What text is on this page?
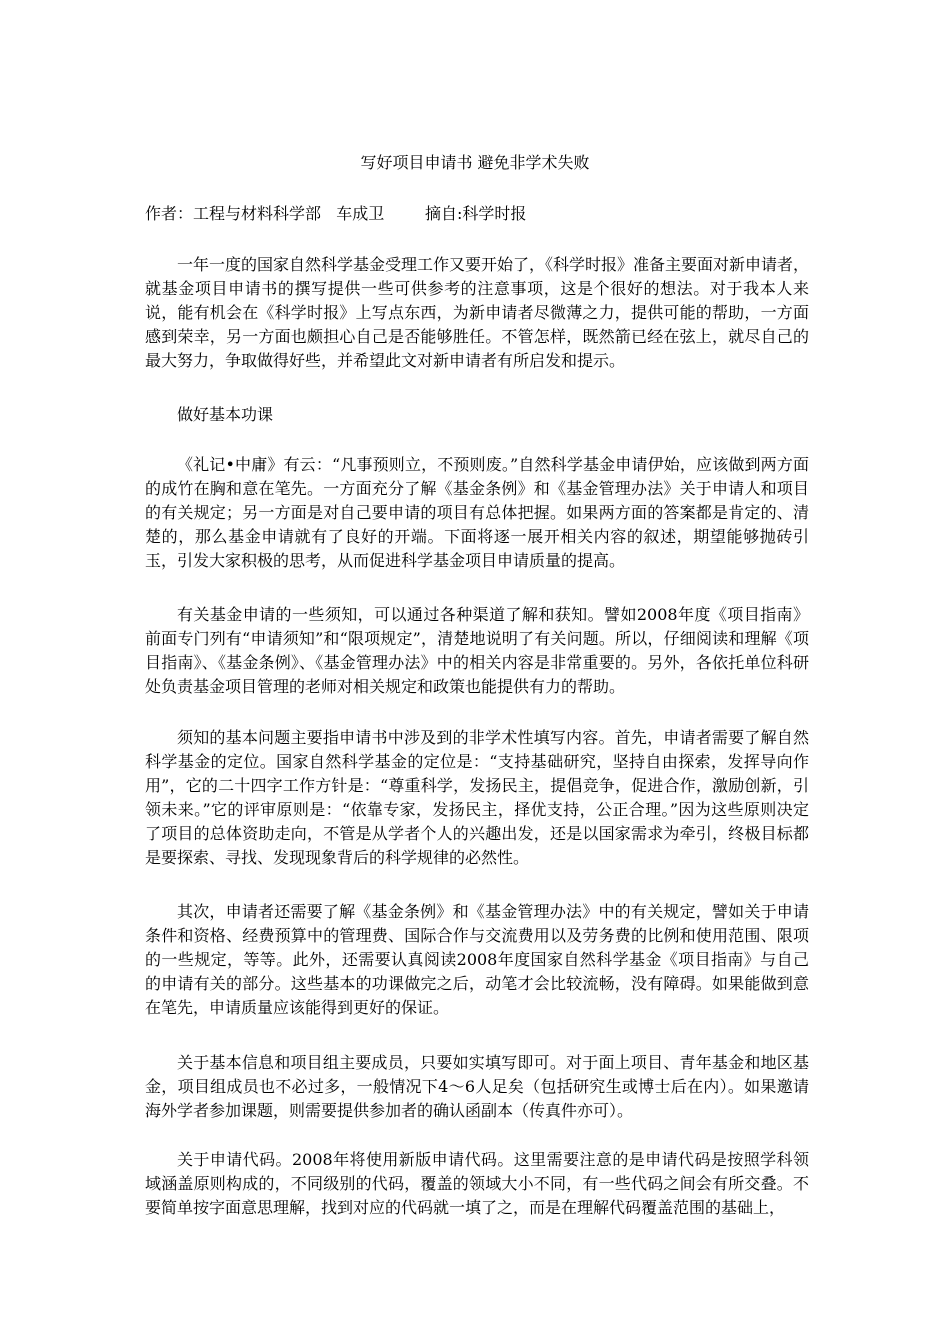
写好项目申请书 避免非学术失败

作者：工程与材料科学部   车成卫        摘自:科学时报

一年一度的国家自然科学基金受理工作又要开始了，《科学时报》准备主要面对新申请者，就基金项目申请书的撰写提供一些可供参考的注意事项，这是个很好的想法。对于我本人来说，能有机会在《科学时报》上写点东西，为新申请者尽微薄之力，提供可能的帮助，一方面感到荣幸，另一方面也颇担心自己是否能够胜任。不管怎样，既然箭已经在弦上，就尽自己的最大努力，争取做得好些，并希望此文对新申请者有所启发和提示。

做好基本功课

《礼记•中庸》有云：“凡事预则立，不预则废。”自然科学基金申请伊始，应该做到两方面的成竹在胸和意在笔先。一方面充分了解《基金条例》和《基金管理办法》关于申请人和项目的有关规定；另一方面是对自己要申请的项目有总体把握。如果两方面的答案都是肯定的、清楚的，那么基金申请就有了良好的开端。下面将逐一展开相关内容的叙述，期望能够抛砖引玉，引发大家积极的思考，从而促进科学基金项目申请质量的提高。

有关基金申请的一些须知，可以通过各种渠道了解和获知。譬如2008年度《项目指南》前面专门列有“申请须知”和“限项规定”，清楚地说明了有关问题。所以，仔细阅读和理解《项目指南》、《基金条例》、《基金管理办法》中的相关内容是非常重要的。另外，各依托单位科研处负责基金项目管理的老师对相关规定和政策也能提供有力的帮助。

须知的基本问题主要指申请书中涉及到的非学术性填写内容。首先，申请者需要了解自然科学基金的定位。国家自然科学基金的定位是：“支持基础研究，坚持自由探索，发挥导向作用”，它的二十四字工作方针是：“尊重科学，发扬民主，提倡竞争，促进合作，激励创新，引领未来。”它的评审原则是：“依靠专家，发扬民主，择优支持，公正合理。”因为这些原则决定了项目的总体资助走向，不管是从学者个人的兴趣出发，还是以国家需求为牵引，终极目标都是要探索、寻找、发现现象背后的科学规律的必然性。

其次，申请者还需要了解《基金条例》和《基金管理办法》中的有关规定，譬如关于申请条件和资格、经费预算中的管理费、国际合作与交流费用以及劳务费的比例和使用范围、限项的一些规定，等等。此外，还需要认真阅读2008年度国家自然科学基金《项目指南》与自己的申请有关的部分。这些基本的功课做完之后，动笔才会比较流畅，没有障碍。如果能做到意在笔先，申请质量应该能得到更好的保证。

关于基本信息和项目组主要成员，只要如实填写即可。对于面上项目、青年基金和地区基金，项目组成员也不必过多，一般情况下4～6人足矣（包括研究生或博士后在内）。如果邀请海外学者参加课题，则需要提供参加者的确认函副本（传真件亦可）。

关于申请代码。2008年将使用新版申请代码。这里需要注意的是申请代码是按照学科领域涵盖原则构成的，不同级别的代码，覆盖的领域大小不同，有一些代码之间会有所交叠。不要简单按字面意思理解，找到对应的代码就一填了之，而是在理解代码覆盖范围的基础上，
